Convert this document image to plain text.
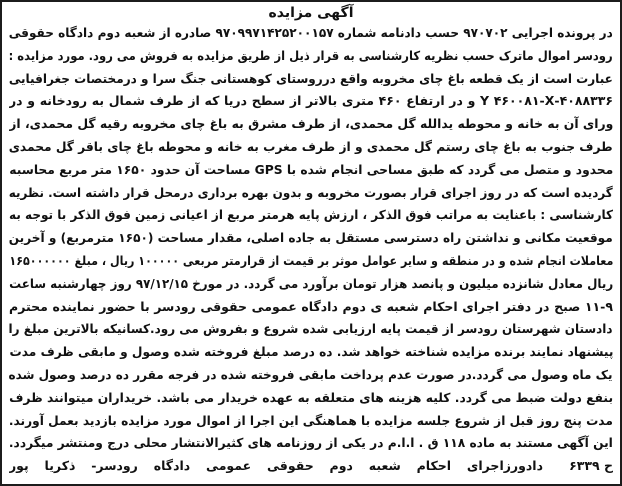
آگهی مزایده
در پرونده اجرایی ۹۷۰۷۰۲ حسب دادنامه شماره ۹۷۰۹۹۷۱۴۲۵۲۰۰۱۵۷ صادره از شعبه دوم دادگاه حقوقی
رودسر اموال ماترک حسب نظریه کارشناسی به قرار ذیل از طریق مزایده به فروش می رود. مورد مزایده :
عبارت است از یک قطعه باغ چای مخروبه واقع درروستای کوهستانی جنگ سرا و درمختصات جغرافیایی
۴۰۸۸۳۳۶-Y ۴۶۰۰۸۱-X و در ارتفاع ۴۶۰ متری بالاتر از سطح دریا که از طرف شمال به رودخانه و در
ورای آن به خانه و محوطه یدالله گل محمدی، از طرف مشرق به باغ چای مخروبه رقیه گل محمدی، از
طرف جنوب به باغ چای رستم گل محمدی و از طرف مغرب به خانه و محوطه باغ چای باقر گل محمدی
محدود و متصل می گردد که طبق مساحی انجام شده با GPS مساحت آن حدود ۱۶۵۰ متر مربع محاسبه
گردیده است که در روز اجرای قرار بصورت مخروبه و بدون بهره برداری درمحل قرار داشته است. نظریه
کارشناسی : باعنایت به مراتب فوق الذکر ، ارزش پایه هرمتر مربع از اعیانی زمین فوق الذکر با توجه به
موقعیت مکانی و نداشتن راه دسترسی مستقل به جاده اصلی، مقدار مساحت (۱۶۵۰ مترمربع) و آخرین
معاملات انجام شده و در منطقه و سایر عوامل موثر بر قیمت از قرارمتر مربعی ۱۰۰۰۰۰ ریال ، مبلغ ۱۶۵۰۰۰۰۰۰
ریال معادل شانزده میلیون و پانصد هزار تومان برآورد می گردد. در مورخ ۹۷/۱۲/۱۵ روز چهارشنبه ساعت
۱۱-۹ صبح در دفتر اجرای احکام شعبه ی دوم دادگاه عمومی حقوقی رودسر با حضور نماینده محترم
دادستان شهرستان رودسر از قیمت پایه ارزیابی شده شروع و بفروش می رود.کسانیکه بالاترین مبلغ را
پیشنهاد نمایند برنده مزایده شناخته خواهد شد. ده درصد مبلغ فروخته شده وصول و مابقی ظرف مدت
یک ماه وصول می گردد.در صورت عدم پرداخت مابقی فروخته شده در فرجه مقرر ده درصد وصول شده
بنفع دولت ضبط می گردد. کلیه هزینه های متعلقه به عهده خریدار می باشد. خریداران میتوانند ظرف
مدت پنج روز قبل از شروع جلسه مزایده با هماهنگی این اجرا از اموال مورد مزایده بازدید بعمل آورند.
این آگهی مستند به ماده ۱۱۸ ق . ا.ا.م در یکی از روزنامه های کثیرالانتشار محلی درج ومنتشر میگردد.
ح ۶۳۳۹
دادورزاجرای احکام شعبه دوم حقوقی عمومی دادگاه رودسر- ذکریا پور
